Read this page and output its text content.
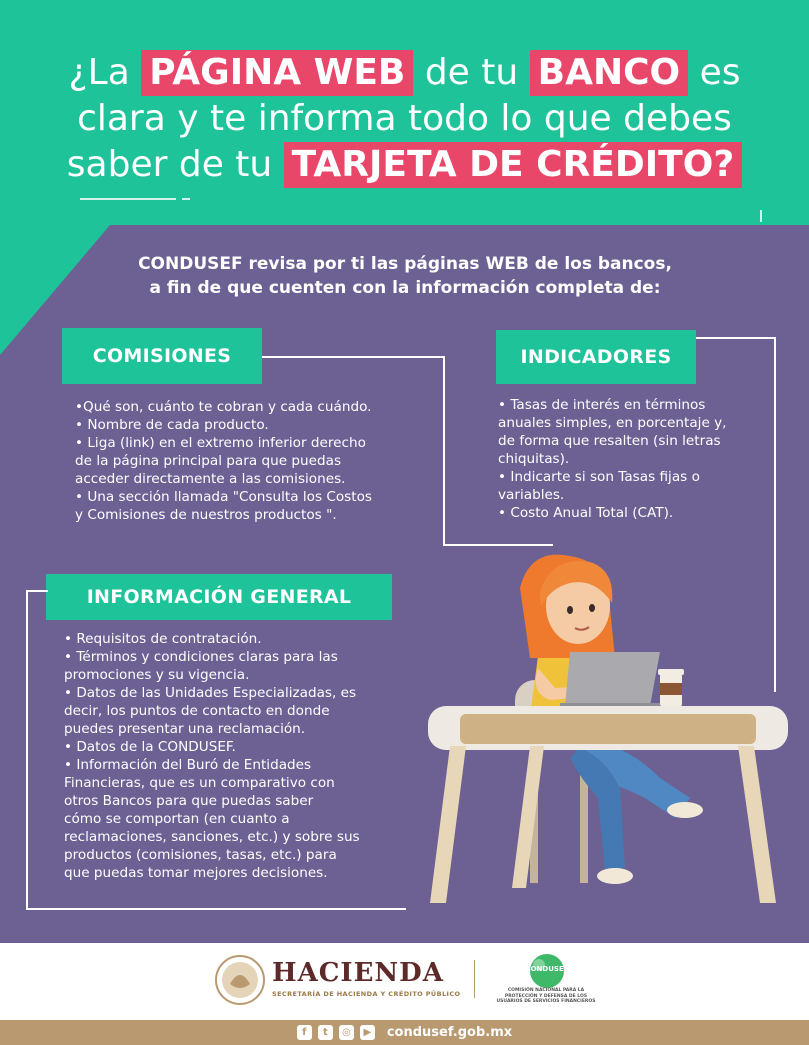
¿La PÁGINA WEB de tu BANCO es
clara y te informa todo lo que debes
saber de tu TARJETA DE CRÉDITO?
CONDUSEF revisa por ti las páginas WEB de los bancos,
a fin de que cuenten con la información completa de:
COMISIONES
•Qué son, cuánto te cobran y cada cuándo.
• Nombre de cada producto.
• Liga (link) en el extremo inferior derecho
de la página principal para que puedas
acceder directamente a las comisiones.
• Una sección llamada "Consulta los Costos
y Comisiones de nuestros productos ".
INDICADORES
• Tasas de interés en términos
anuales simples, en porcentaje y,
de forma que resalten (sin letras
chiquitas).
• Indicarte si son Tasas fijas o
variables.
• Costo Anual Total (CAT).
INFORMACIÓN GENERAL
• Requisitos de contratación.
• Términos y condiciones claras para las
promociones y su vigencia.
• Datos de las Unidades Especializadas, es
decir, los puntos de contacto en donde
puedes presentar una reclamación.
• Datos de la CONDUSEF.
• Información del Buró de Entidades
Financieras, que es un comparativo con
otros Bancos para que puedas saber
cómo se comportan (en cuanto a
reclamaciones, sanciones, etc.) y sobre sus
productos (comisiones, tasas, etc.) para
que puedas tomar mejores decisiones.
HACIENDA
SECRETARÍA DE HACIENDA Y CRÉDITO PÚBLICO
CONDUSEF
COMISIÓN NACIONAL PARA LA PROTECCIÓN Y DEFENSA DE LOS USUARIOS DE SERVICIOS FINANCIEROS
f	t	◎	▶ condusef.gob.mx
